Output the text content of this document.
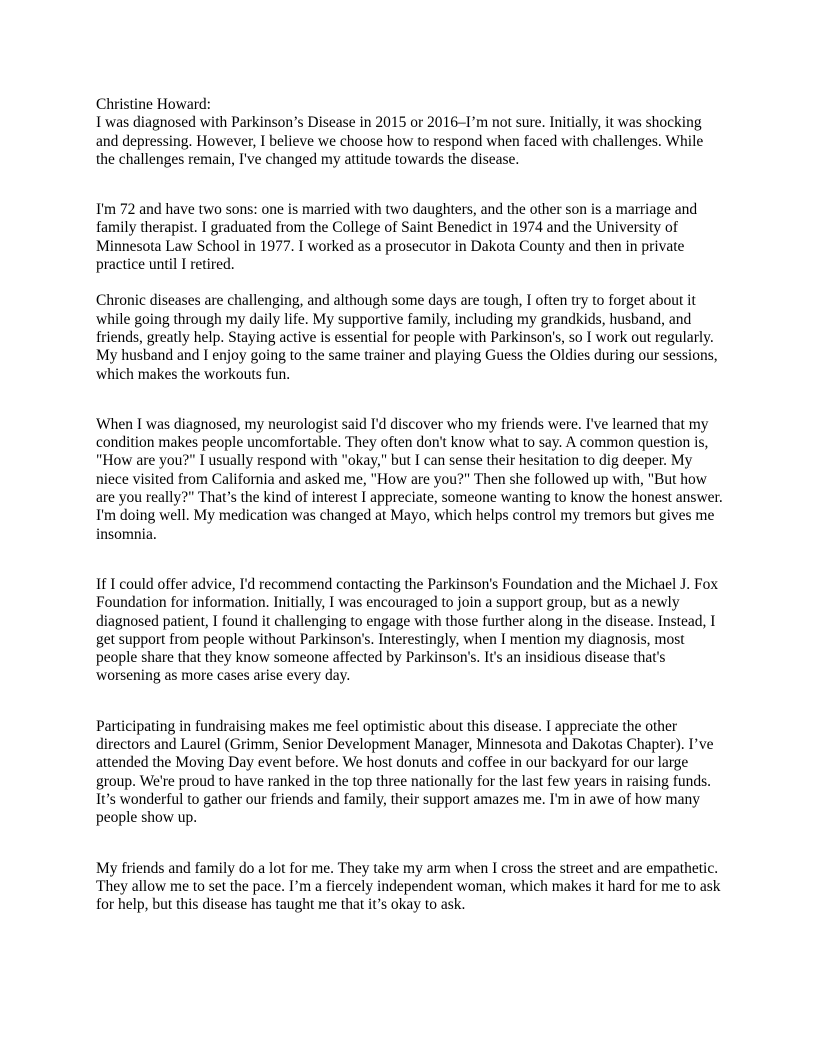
Christine Howard:

I was diagnosed with Parkinson’s Disease in 2015 or 2016–I’m not sure. Initially, it was shocking and depressing. However, I believe we choose how to respond when faced with challenges. While the challenges remain, I've changed my attitude towards the disease.

I'm 72 and have two sons: one is married with two daughters, and the other son is a marriage and family therapist. I graduated from the College of Saint Benedict in 1974 and the University of Minnesota Law School in 1977. I worked as a prosecutor in Dakota County and then in private practice until I retired.

Chronic diseases are challenging, and although some days are tough, I often try to forget about it while going through my daily life. My supportive family, including my grandkids, husband, and friends, greatly help. Staying active is essential for people with Parkinson's, so I work out regularly. My husband and I enjoy going to the same trainer and playing Guess the Oldies during our sessions, which makes the workouts fun.

When I was diagnosed, my neurologist said I'd discover who my friends were. I've learned that my condition makes people uncomfortable. They often don't know what to say. A common question is, "How are you?" I usually respond with "okay," but I can sense their hesitation to dig deeper. My niece visited from California and asked me, "How are you?" Then she followed up with, "But how are you really?" That’s the kind of interest I appreciate, someone wanting to know the honest answer. I'm doing well. My medication was changed at Mayo, which helps control my tremors but gives me insomnia.

If I could offer advice, I'd recommend contacting the Parkinson's Foundation and the Michael J. Fox Foundation for information. Initially, I was encouraged to join a support group, but as a newly diagnosed patient, I found it challenging to engage with those further along in the disease. Instead, I get support from people without Parkinson's. Interestingly, when I mention my diagnosis, most people share that they know someone affected by Parkinson's. It's an insidious disease that's worsening as more cases arise every day.

Participating in fundraising makes me feel optimistic about this disease. I appreciate the other directors and Laurel (Grimm, Senior Development Manager, Minnesota and Dakotas Chapter). I’ve attended the Moving Day event before. We host donuts and coffee in our backyard for our large group. We're proud to have ranked in the top three nationally for the last few years in raising funds. It’s wonderful to gather our friends and family, their support amazes me. I'm in awe of how many people show up.

My friends and family do a lot for me. They take my arm when I cross the street and are empathetic. They allow me to set the pace. I’m a fiercely independent woman, which makes it hard for me to ask for help, but this disease has taught me that it’s okay to ask.
